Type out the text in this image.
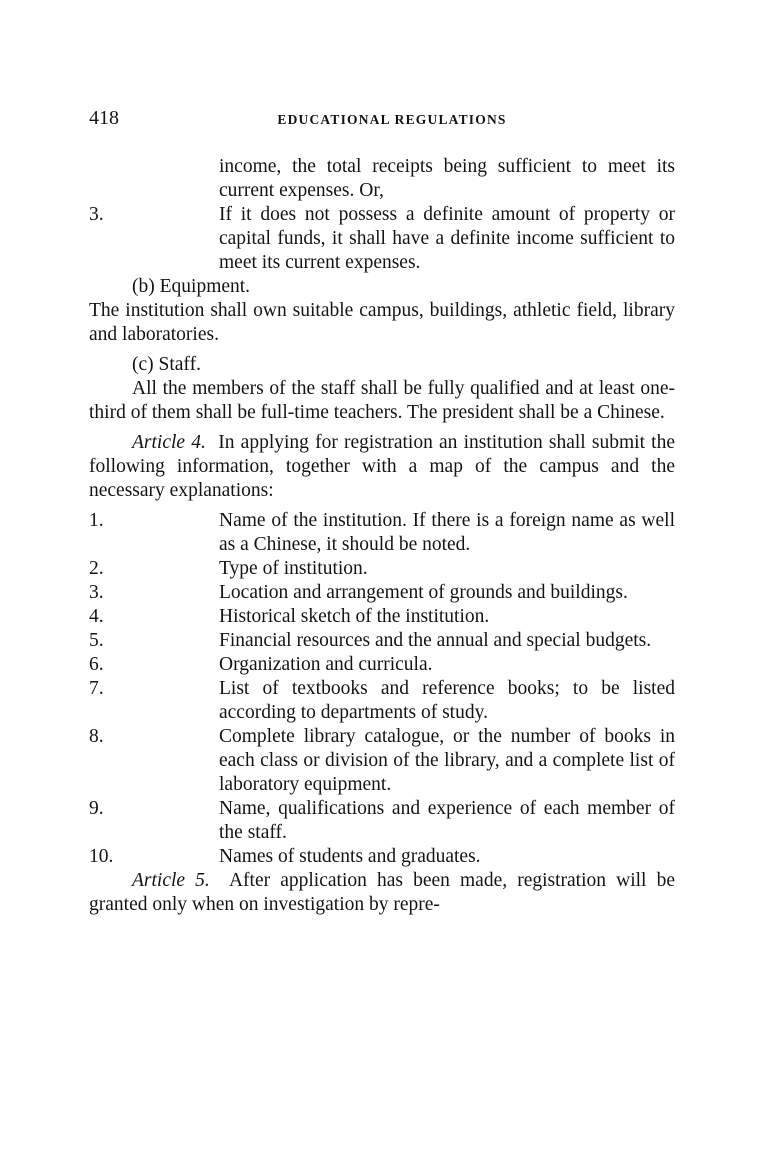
418	EDUCATIONAL REGULATIONS

income, the total receipts being sufficient to meet its current expenses. Or,

3.	If it does not possess a definite amount of property or capital funds, it shall have a definite income sufficient to meet its current expenses.

(b) Equipment.

The institution shall own suitable campus, buildings, athletic field, library and laboratories.

(c) Staff.

All the members of the staff shall be fully qualified and at least one-third of them shall be full-time teachers. The president shall be a Chinese.

Article 4. In applying for registration an institution shall submit the following information, together with a map of the campus and the necessary explanations:

1.	Name of the institution. If there is a foreign name as well as a Chinese, it should be noted.

2.	Type of institution.

3.	Location and arrangement of grounds and buildings.

4.	Historical sketch of the institution.

5.	Financial resources and the annual and special budgets.

6.	Organization and curricula.

7.	List of textbooks and reference books; to be listed according to departments of study.

8.	Complete library catalogue, or the number of books in each class or division of the library, and a complete list of laboratory equipment.

9.	Name, qualifications and experience of each member of the staff.

10.	Names of students and graduates.

Article 5. After application has been made, registration will be granted only when on investigation by repre-
